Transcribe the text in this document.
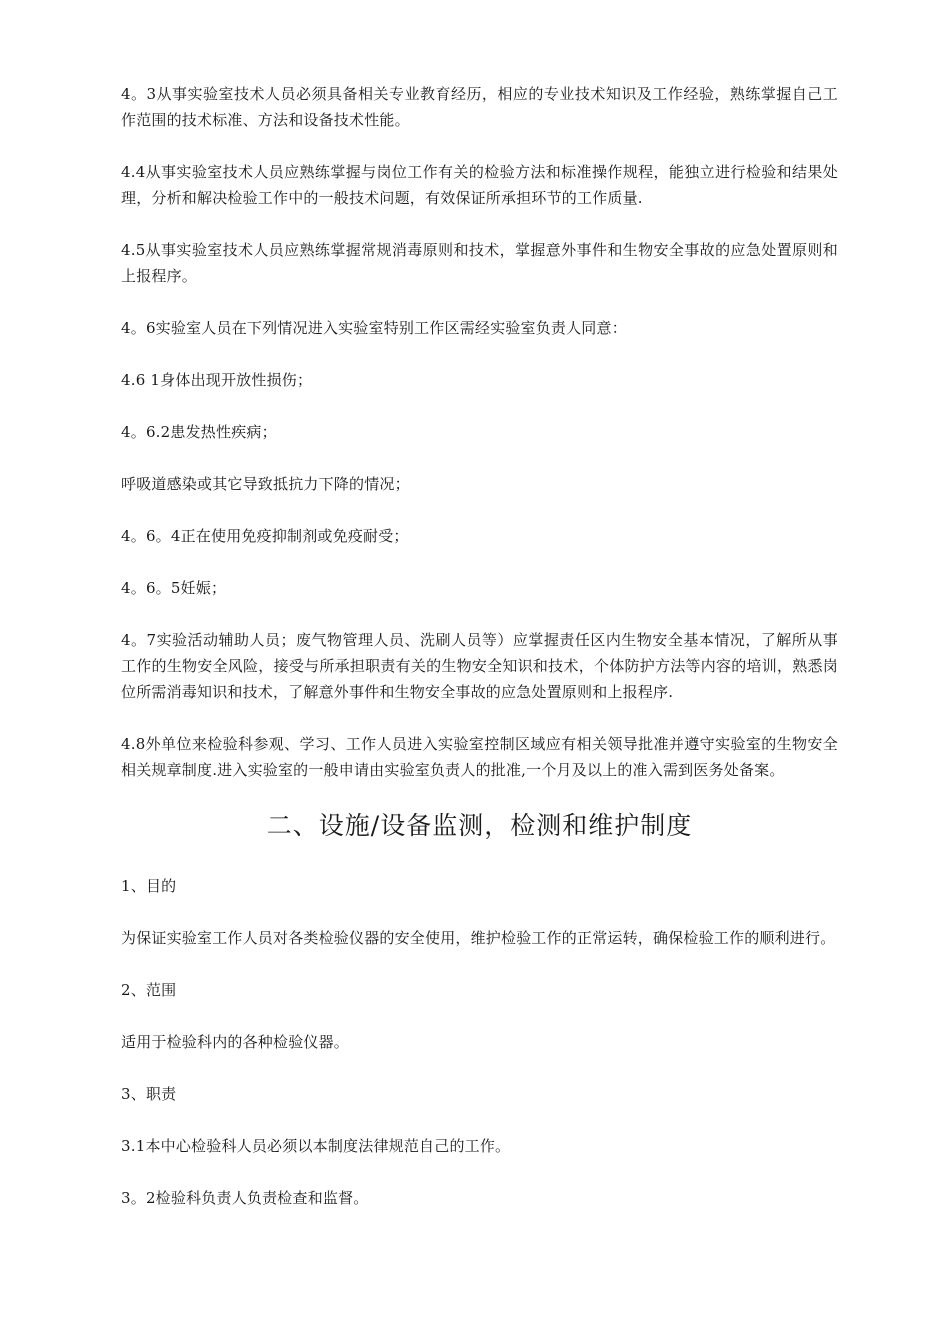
4。3从事实验室技术人员必须具备相关专业教育经历，相应的专业技术知识及工作经验，熟练掌握自己工作范围的技术标准、方法和设备技术性能。

4.4从事实验室技术人员应熟练掌握与岗位工作有关的检验方法和标准操作规程，能独立进行检验和结果处理，分析和解决检验工作中的一般技术问题，有效保证所承担环节的工作质量.

4.5从事实验室技术人员应熟练掌握常规消毒原则和技术，掌握意外事件和生物安全事故的应急处置原则和上报程序。

4。6实验室人员在下列情况进入实验室特别工作区需经实验室负责人同意：

4.6 1身体出现开放性损伤；

4。6.2患发热性疾病；

呼吸道感染或其它导致抵抗力下降的情况；

4。6。4正在使用免疫抑制剂或免疫耐受；

4。6。5妊娠；

4。7实验活动辅助人员；废气物管理人员、洗刷人员等）应掌握责任区内生物安全基本情况，了解所从事工作的生物安全风险，接受与所承担职责有关的生物安全知识和技术，个体防护方法等内容的培训，熟悉岗位所需消毒知识和技术，了解意外事件和生物安全事故的应急处置原则和上报程序.

4.8外单位来检验科参观、学习、工作人员进入实验室控制区域应有相关领导批准并遵守实验室的生物安全相关规章制度.进入实验室的一般申请由实验室负责人的批准,一个月及以上的准入需到医务处备案。

二、设施/设备监测，检测和维护制度

1、目的

为保证实验室工作人员对各类检验仪器的安全使用，维护检验工作的正常运转，确保检验工作的顺利进行。

2、范围

适用于检验科内的各种检验仪器。

3、职责

3.1本中心检验科人员必须以本制度法律规范自己的工作。

3。2检验科负责人负责检查和监督。
